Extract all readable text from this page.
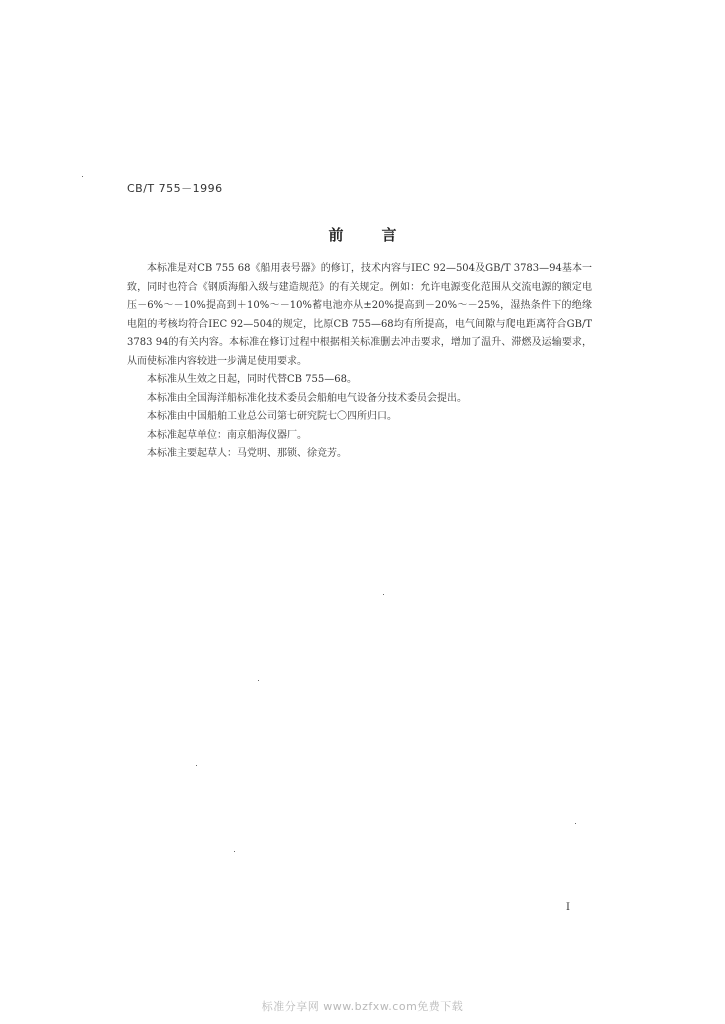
CB/T 755－1996
前言

本标准是对CB 755 68《船用表号器》的修订，技术内容与IEC 92—504及GB/T 3783—94基本一致，同时也符合《钢质海船入级与建造规范》的有关规定。例如：允许电源变化范围从交流电源的额定电压－6%～－10%提高到＋10%～－10%蓄电池亦从±20%提高到－20%～－25%，湿热条件下的绝缘电阻的考核均符合IEC 92—504的规定，比原CB 755—68均有所提高，电气间隙与爬电距离符合GB/T 3783 94的有关内容。本标准在修订过程中根据相关标准删去冲击要求，增加了温升、滞燃及运输要求，从而使标准内容较进一步满足使用要求。

本标准从生效之日起，同时代替CB 755—68。

本标准由全国海洋船标准化技术委员会船舶电气设备分技术委员会提出。

本标准由中国船舶工业总公司第七研究院七〇四所归口。

本标准起草单位：南京船海仪器厂。

本标准主要起草人：马党明、那锁、徐竞芳。

I
标准分享网 www.bzfxw.com免费下载
